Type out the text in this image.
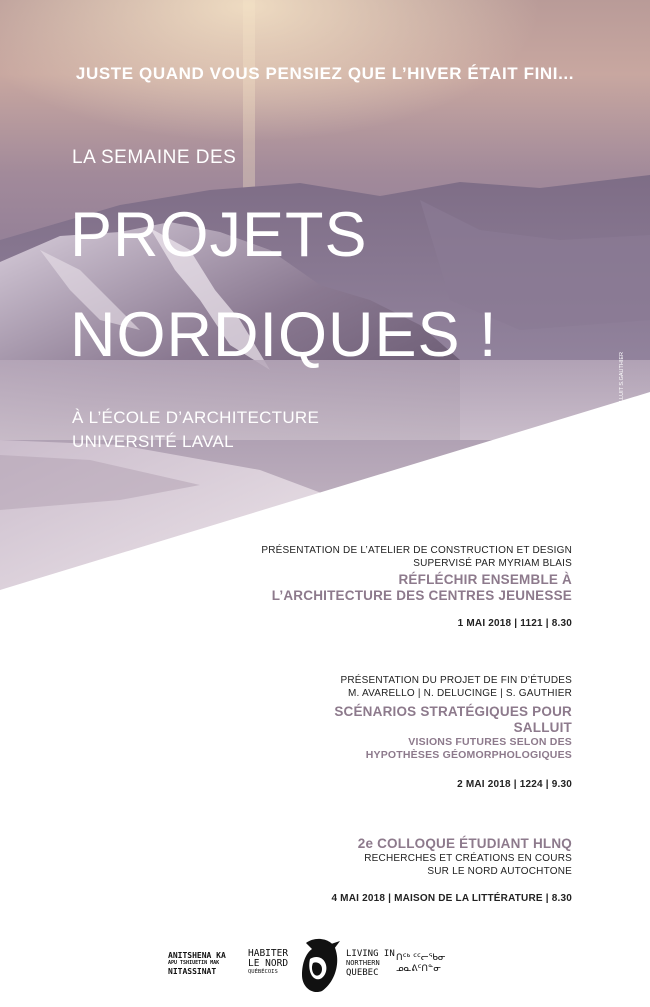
JUSTE QUAND VOUS PENSIEZ QUE L’HIVER ÉTAIT FINI...
LA SEMAINE DES
PROJETS
NORDIQUES !
À L’ÉCOLE D’ARCHITECTURE
UNIVERSITÉ LAVAL
SALLUIT S.GAUTHIER
PRÉSENTATION DE L’ATELIER DE CONSTRUCTION ET DESIGN
SUPERVISÉ PAR MYRIAM BLAIS
RÉFLÉCHIR ENSEMBLE À
L’ARCHITECTURE DES CENTRES JEUNESSE
1 MAI 2018 | 1121 | 8.30
PRÉSENTATION DU PROJET DE FIN D’ÉTUDES
M. AVARELLO | N. DELUCINGE | S. GAUTHIER
SCÉNARIOS STRATÉGIQUES POUR
SALLUIT
VISIONS FUTURES SELON DES
HYPOTHÈSES GÉOMORPHOLOGIQUES
2 MAI 2018 | 1224 | 9.30
2e COLLOQUE ÉTUDIANT HLNQ
RECHERCHES ET CRÉATIONS EN COURS
SUR LE NORD AUTOCHTONE
4 MAI 2018 | MAISON DE LA LITTÉRATURE | 8.30
ANITSHENA KA
APU TSHIUETIN MAK
NITASSINAT
HABITER
LE NORD
QUÉBÉCOIS
LIVING IN
NORTHERN
QUEBEC
ᑎᑦᒃ ᑦᑦᓕᕐᑲᓂ
ᓄᓇᕕᑦᑎᓐᓂ
